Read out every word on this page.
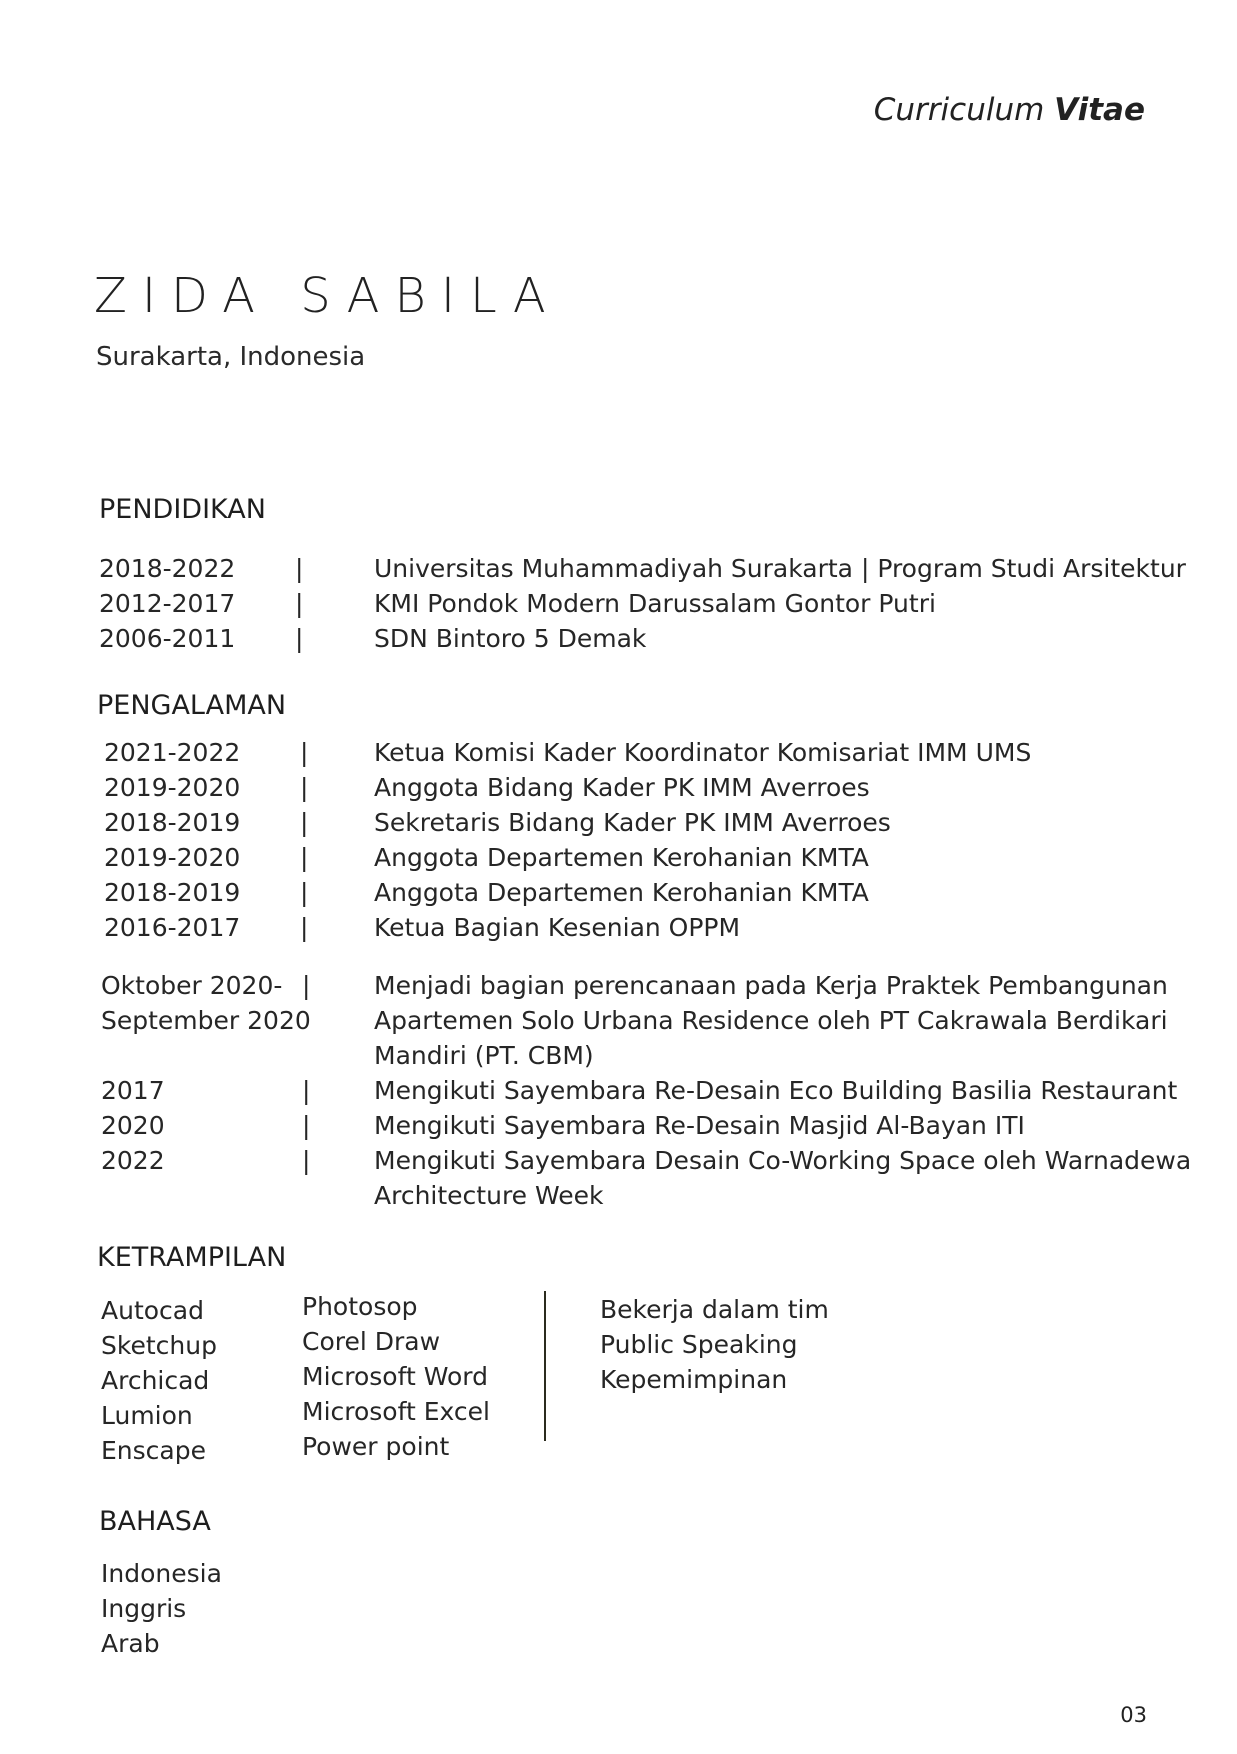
Curriculum Vitae
ZIDA SABILA
Surakarta, Indonesia
PENDIDIKAN
2018-2022 |	Universitas Muhammadiyah Surakarta | Program Studi Arsitektur
2012-2017 |	KMI Pondok Modern Darussalam Gontor Putri
2006-2011 |	SDN Bintoro 5 Demak
PENGALAMAN
2021-2022 |	Ketua Komisi Kader Koordinator Komisariat IMM UMS
2019-2020 |	Anggota Bidang Kader PK IMM Averroes
2018-2019 |	Sekretaris Bidang Kader PK IMM Averroes
2019-2020 |	Anggota Departemen Kerohanian KMTA
2018-2019 |	Anggota Departemen Kerohanian KMTA
2016-2017 |	Ketua Bagian Kesenian OPPM
Oktober 2020- |	Menjadi bagian perencanaan pada Kerja Praktek Pembangunan
September 2020	Apartemen Solo Urbana Residence oleh PT Cakrawala Berdikari
Mandiri (PT. CBM)
2017	|	Mengikuti Sayembara Re-Desain Eco Building Basilia Restaurant
2020	|	Mengikuti Sayembara Re-Desain Masjid Al-Bayan ITI
2022	|	Mengikuti Sayembara Desain Co-Working Space oleh Warnadewa
Architecture Week
KETRAMPILAN
Autocad
Sketchup
Archicad
Lumion
Enscape
Photosop
Corel Draw
Microsoft Word
Microsoft Excel
Power point
Bekerja dalam tim
Public Speaking
Kepemimpinan
BAHASA
Indonesia
Inggris
Arab
03
